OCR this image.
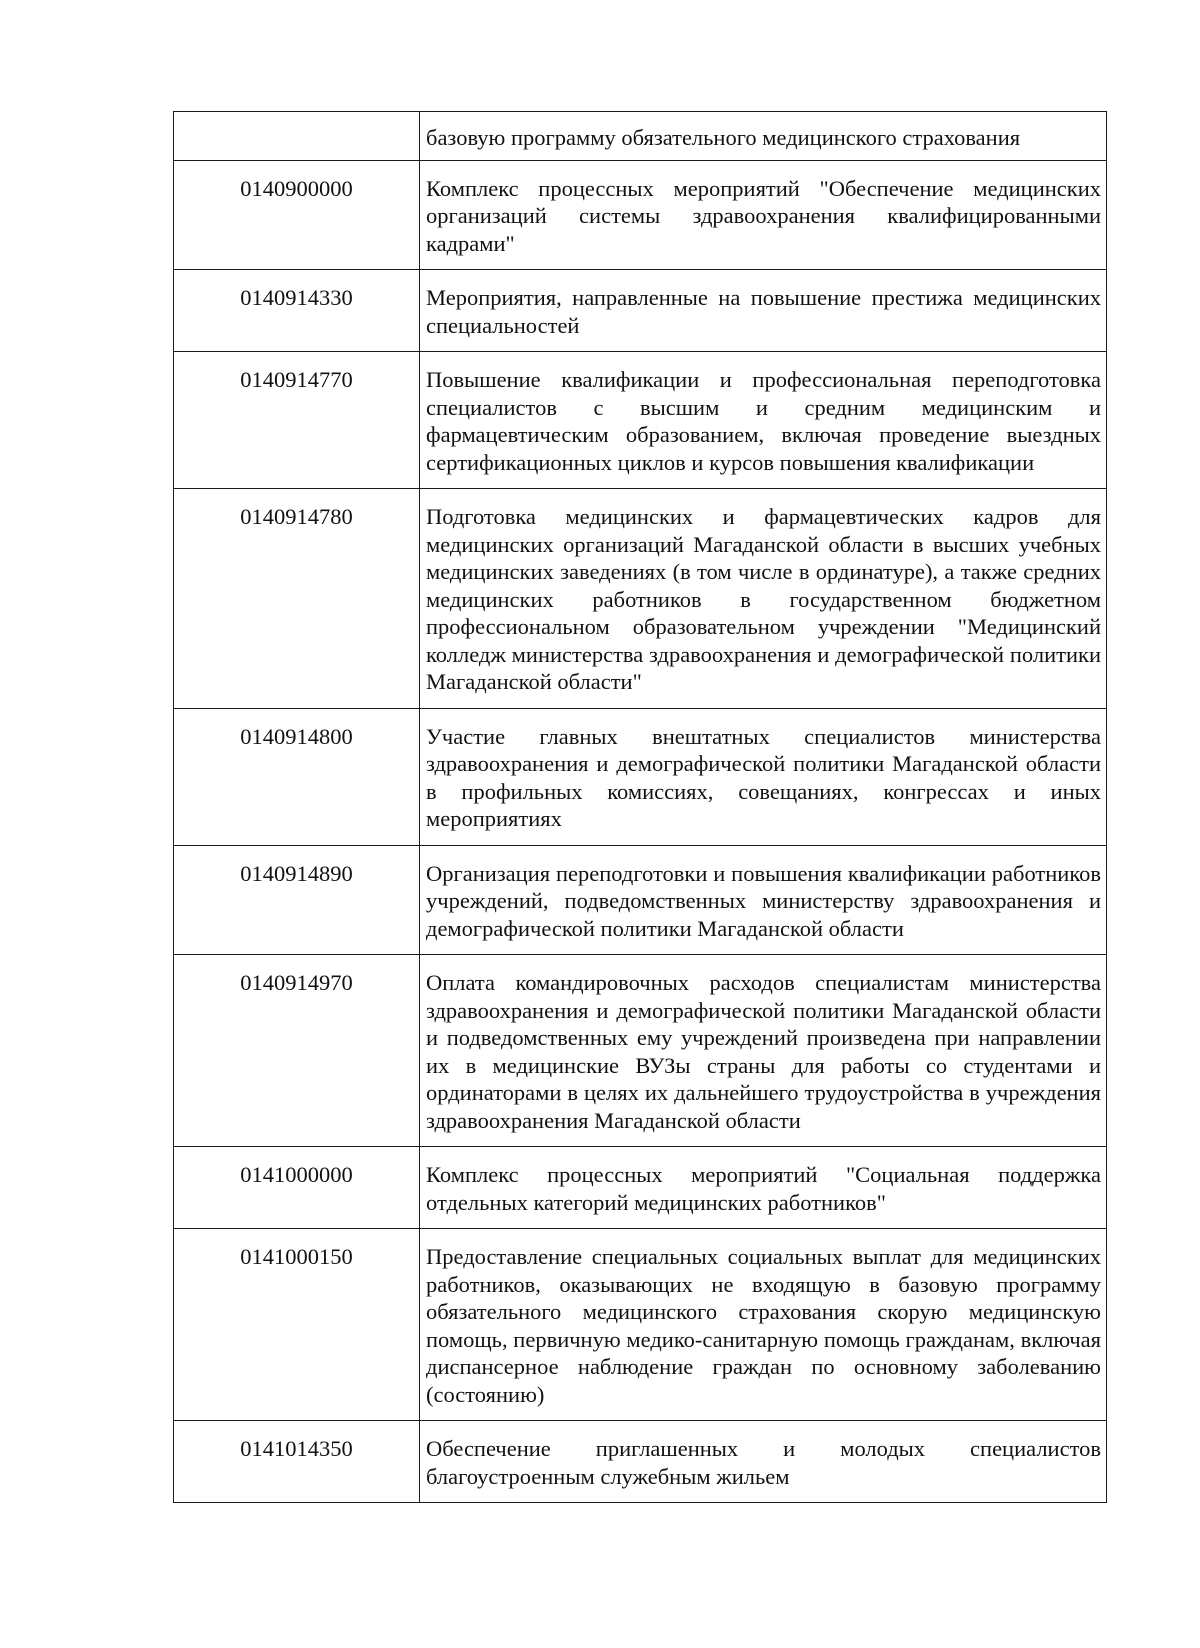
	базовую программу обязательного медицинского страхования
0140900000	Комплекс процессных мероприятий "Обеспечение медицинских организаций системы здравоохранения квалифицированными кадрами"
0140914330	Мероприятия, направленные на повышение престижа медицинских специальностей
0140914770	Повышение квалификации и профессиональная переподготовка специалистов с высшим и средним медицинским и фармацевтическим образованием, включая проведение выездных сертификационных циклов и курсов повышения квалификации
0140914780	Подготовка медицинских и фармацевтических кадров для медицинских организаций Магаданской области в высших учебных медицинских заведениях (в том числе в ординатуре), а также средних медицинских работников в государственном бюджетном профессиональном образовательном учреждении "Медицинский колледж министерства здравоохранения и демографической политики Магаданской области"
0140914800	Участие главных внештатных специалистов министерства здравоохранения и демографической политики Магаданской области в профильных комиссиях, совещаниях, конгрессах и иных мероприятиях
0140914890	Организация переподготовки и повышения квалификации работников учреждений, подведомственных министерству здравоохранения и демографической политики Магаданской области
0140914970	Оплата командировочных расходов специалистам министерства здравоохранения и демографической политики Магаданской области и подведомственных ему учреждений произведена при направлении их в медицинские ВУЗы страны для работы со студентами и ординаторами в целях их дальнейшего трудоустройства в учреждения здравоохранения Магаданской области
0141000000	Комплекс процессных мероприятий "Социальная поддержка отдельных категорий медицинских работников"
0141000150	Предоставление специальных социальных выплат для медицинских работников, оказывающих не входящую в базовую программу обязательного медицинского страхования скорую медицинскую помощь, первичную медико-санитарную помощь гражданам, включая диспансерное наблюдение граждан по основному заболеванию (состоянию)
0141014350	Обеспечение приглашенных и молодых специалистов благоустроенным служебным жильем
